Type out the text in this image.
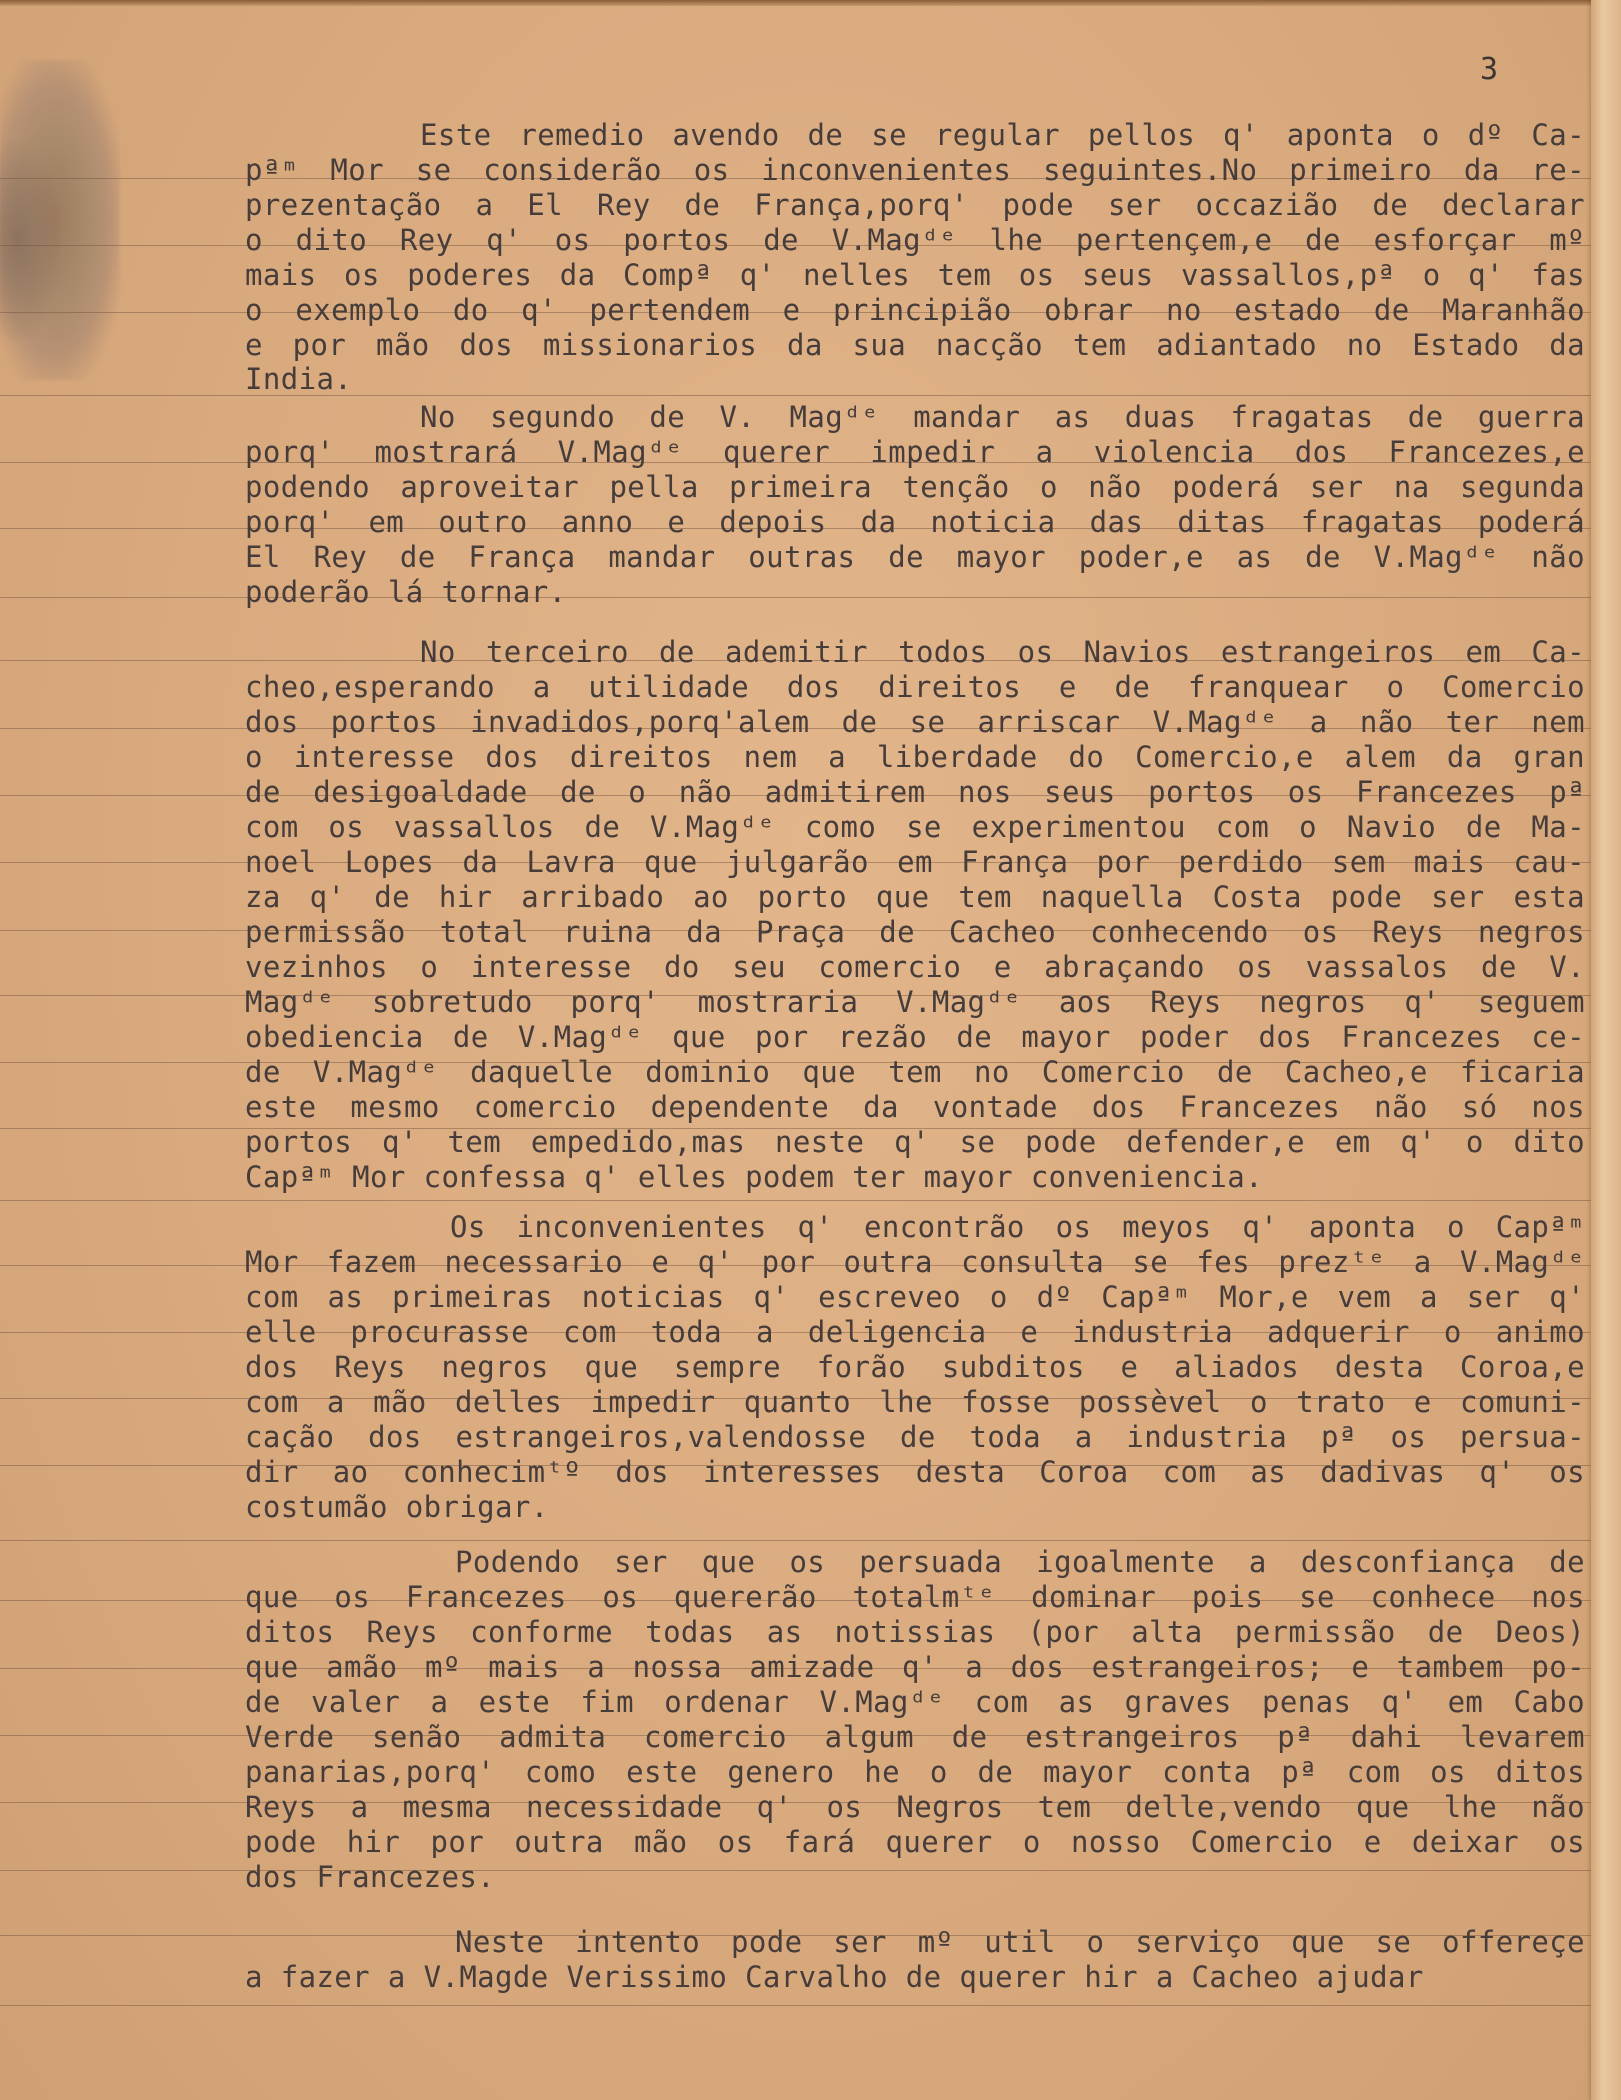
3
Este remedio avendo de se regular pellos q' aponta o dº Ca-
pªᵐ Mor se considerão os inconvenientes seguintes.No primeiro da re-
prezentação a El Rey de França,porq' pode ser occazião de declarar
o dito Rey q' os portos de V.Magᵈᵉ lhe pertençem,e de esforçar mº
mais os poderes da Compª q' nelles tem os seus vassallos,pª o q' fas
o exemplo do q' pertendem e principião obrar no estado de Maranhão
e por mão dos missionarios da sua nacção tem adiantado no Estado da
India.
No segundo de V. Magᵈᵉ mandar as duas fragatas de guerra
porq' mostrará V.Magᵈᵉ querer impedir a violencia dos Francezes,e
podendo aproveitar pella primeira tenção o não poderá ser na segunda
porq' em outro anno e depois da noticia das ditas fragatas poderá
El Rey de França mandar outras de mayor poder,e as de V.Magᵈᵉ não
poderão lá tornar.
No terceiro de ademitir todos os Navios estrangeiros em Ca-
cheo,esperando a utilidade dos direitos e de franquear o Comercio
dos portos invadidos,porq'alem de se arriscar V.Magᵈᵉ a não ter nem
o interesse dos direitos nem a liberdade do Comercio,e alem da gran
de desigoaldade de o não admitirem nos seus portos os Francezes pª
com os vassallos de V.Magᵈᵉ como se experimentou com o Navio de Ma-
noel Lopes da Lavra que julgarão em França por perdido sem mais cau-
za q' de hir arribado ao porto que tem naquella Costa pode ser esta
permissão total ruina da Praça de Cacheo conhecendo os Reys negros
vezinhos o interesse do seu comercio e abraçando os vassalos de V.
Magᵈᵉ sobretudo porq' mostraria V.Magᵈᵉ aos Reys negros q' seguem
obediencia de V.Magᵈᵉ que por rezão de mayor poder dos Francezes ce-
de V.Magᵈᵉ daquelle dominio que tem no Comercio de Cacheo,e ficaria
este mesmo comercio dependente da vontade dos Francezes não só nos
portos q' tem empedido,mas neste q' se pode defender,e em q' o dito
Capªᵐ Mor confessa q' elles podem ter mayor conveniencia.
Os inconvenientes q' encontrão os meyos q' aponta o Capªᵐ
Mor fazem necessario e q' por outra consulta se fes prezᵗᵉ a V.Magᵈᵉ
com as primeiras noticias q' escreveo o dº Capªᵐ Mor,e vem a ser q'
elle procurasse com toda a deligencia e industria adquerir o animo
dos Reys negros que sempre forão subditos e aliados desta Coroa,e
com a mão delles impedir quanto lhe fosse possèvel o trato e comuni-
cação dos estrangeiros,valendosse de toda a industria pª os persua-
dir ao conhecimᵗº dos interesses desta Coroa com as dadivas q' os
costumão obrigar.
Podendo ser que os persuada igoalmente a desconfiança de
que os Francezes os quererão totalmᵗᵉ dominar pois se conhece nos
ditos Reys conforme todas as notissias (por alta permissão de Deos)
que amão mº mais a nossa amizade q' a dos estrangeiros; e tambem po-
de valer a este fim ordenar V.Magᵈᵉ com as graves penas q' em Cabo
Verde senão admita comercio algum de estrangeiros pª dahi levarem
panarias,porq' como este genero he o de mayor conta pª com os ditos
Reys a mesma necessidade q' os Negros tem delle,vendo que lhe não
pode hir por outra mão os fará querer o nosso Comercio e deixar os
dos Francezes.
Neste intento pode ser mº util o serviço que se offereçe
a fazer a V.Magde Verissimo Carvalho de querer hir a Cacheo ajudar
